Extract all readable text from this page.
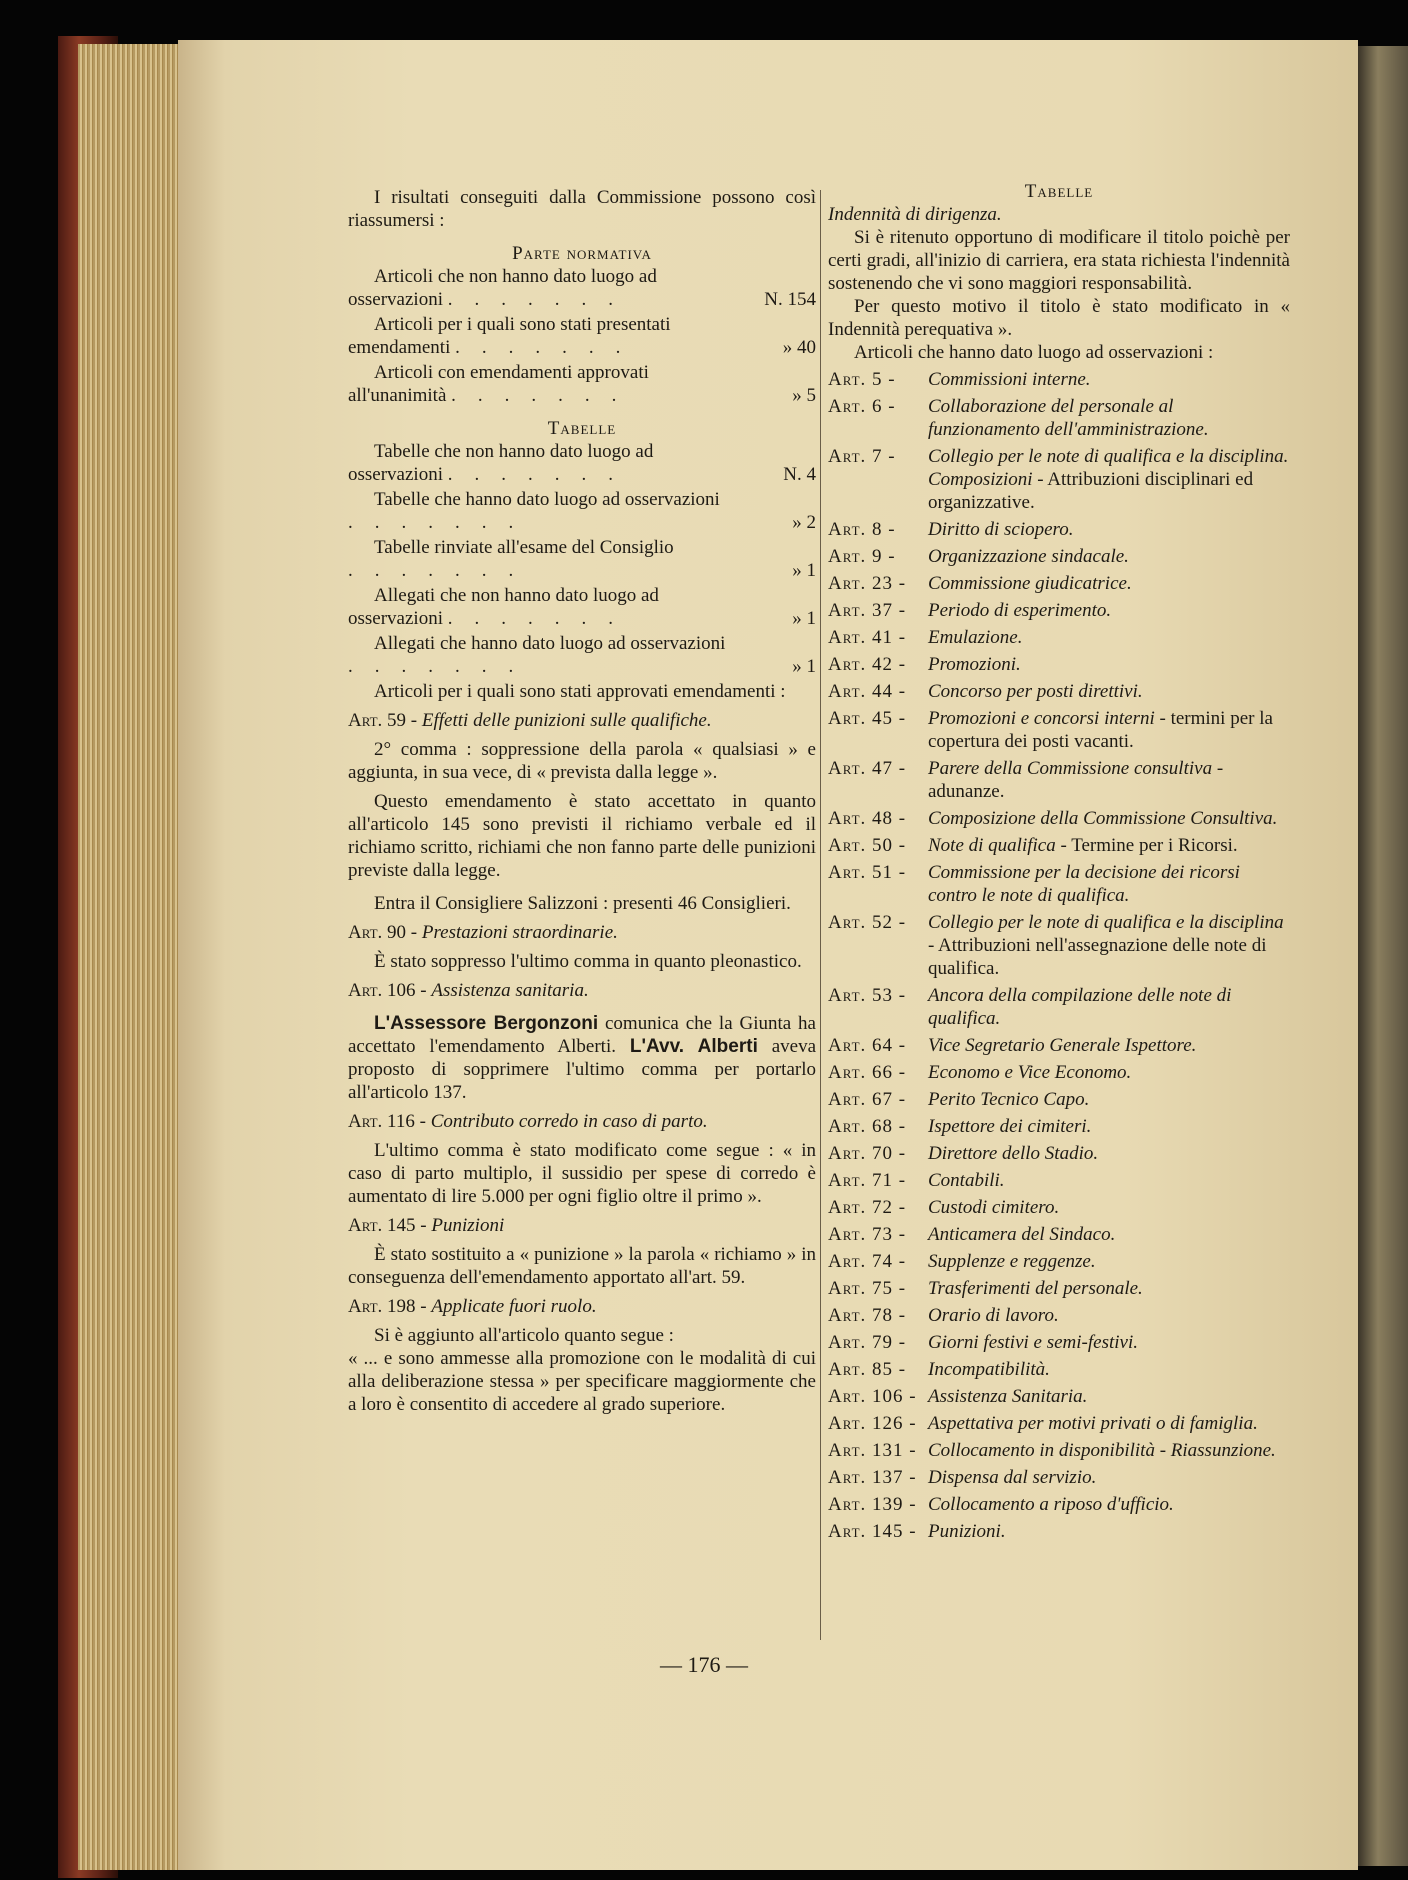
I risultati conseguiti dalla Commissione possono così riassumersi :

Parte normativa

Articoli che non hanno dato luogo ad osservazioni .......	N. 154

Articoli per i quali sono stati presentati emendamenti .......	» 40

Articoli con emendamenti approvati all'unanimità .......	» 5

Tabelle

Tabelle che non hanno dato luogo ad osservazioni .......	N. 4

Tabelle che hanno dato luogo ad osservazioni .......	» 2

Tabelle rinviate all'esame del Consiglio .......	» 1

Allegati che non hanno dato luogo ad osservazioni .......	» 1

Allegati che hanno dato luogo ad osservazioni .......	» 1

Articoli per i quali sono stati approvati emendamenti :

Art. 59 - Effetti delle punizioni sulle qualifiche.

2° comma : soppressione della parola « qualsiasi » e aggiunta, in sua vece, di « prevista dalla legge ».

Questo emendamento è stato accettato in quanto all'articolo 145 sono previsti il richiamo verbale ed il richiamo scritto, richiami che non fanno parte delle punizioni previste dalla legge.

Entra il Consigliere Salizzoni : presenti 46 Consiglieri.

Art. 90 - Prestazioni straordinarie.

È stato soppresso l'ultimo comma in quanto pleonastico.

Art. 106 - Assistenza sanitaria.

L'Assessore Bergonzoni comunica che la Giunta ha accettato l'emendamento Alberti. L'Avv. Alberti aveva proposto di sopprimere l'ultimo comma per portarlo all'articolo 137.

Art. 116 - Contributo corredo in caso di parto.

L'ultimo comma è stato modificato come segue : « in caso di parto multiplo, il sussidio per spese di corredo è aumentato di lire 5.000 per ogni figlio oltre il primo ».

Art. 145 - Punizioni

È stato sostituito a « punizione » la parola « richiamo » in conseguenza dell'emendamento apportato all'art. 59.

Art. 198 - Applicate fuori ruolo.

Si è aggiunto all'articolo quanto segue :

« ... e sono ammesse alla promozione con le modalità di cui alla deliberazione stessa » per specificare maggiormente che a loro è consentito di accedere al grado superiore.

Tabelle

Indennità di dirigenza.

Si è ritenuto opportuno di modificare il titolo poichè per certi gradi, all'inizio di carriera, era stata richiesta l'indennità sostenendo che vi sono maggiori responsabilità.

Per questo motivo il titolo è stato modificato in « Indennità perequativa ».

Articoli che hanno dato luogo ad osservazioni :

Art. 5 -	Commissioni interne.
Art. 6 -	Collaborazione del personale al funzionamento dell'amministrazione.
Art. 7 -	Collegio per le note di qualifica e la disciplina. Composizioni - Attribuzioni disciplinari ed organizzative.
Art. 8 -	Diritto di sciopero.
Art. 9 -	Organizzazione sindacale.
Art. 23 -	Commissione giudicatrice.
Art. 37 -	Periodo di esperimento.
Art. 41 -	Emulazione.
Art. 42 -	Promozioni.
Art. 44 -	Concorso per posti direttivi.
Art. 45 -	Promozioni e concorsi interni - termini per la copertura dei posti vacanti.
Art. 47 -	Parere della Commissione consultiva - adunanze.
Art. 48 -	Composizione della Commissione Consultiva.
Art. 50 -	Note di qualifica - Termine per i Ricorsi.
Art. 51 -	Commissione per la decisione dei ricorsi contro le note di qualifica.
Art. 52 -	Collegio per le note di qualifica e la disciplina - Attribuzioni nell'assegnazione delle note di qualifica.
Art. 53 -	Ancora della compilazione delle note di qualifica.
Art. 64 -	Vice Segretario Generale Ispettore.
Art. 66 -	Economo e Vice Economo.
Art. 67 -	Perito Tecnico Capo.
Art. 68 -	Ispettore dei cimiteri.
Art. 70 -	Direttore dello Stadio.
Art. 71 -	Contabili.
Art. 72 -	Custodi cimitero.
Art. 73 -	Anticamera del Sindaco.
Art. 74 -	Supplenze e reggenze.
Art. 75 -	Trasferimenti del personale.
Art. 78 -	Orario di lavoro.
Art. 79 -	Giorni festivi e semi-festivi.
Art. 85 -	Incompatibilità.
Art. 106 - Assistenza Sanitaria.
Art. 126 - Aspettativa per motivi privati o di famiglia.
Art. 131 - Collocamento in disponibilità - Riassunzione.
Art. 137 - Dispensa dal servizio.
Art. 139 - Collocamento a riposo d'ufficio.
Art. 145 - Punizioni.
— 176 —
